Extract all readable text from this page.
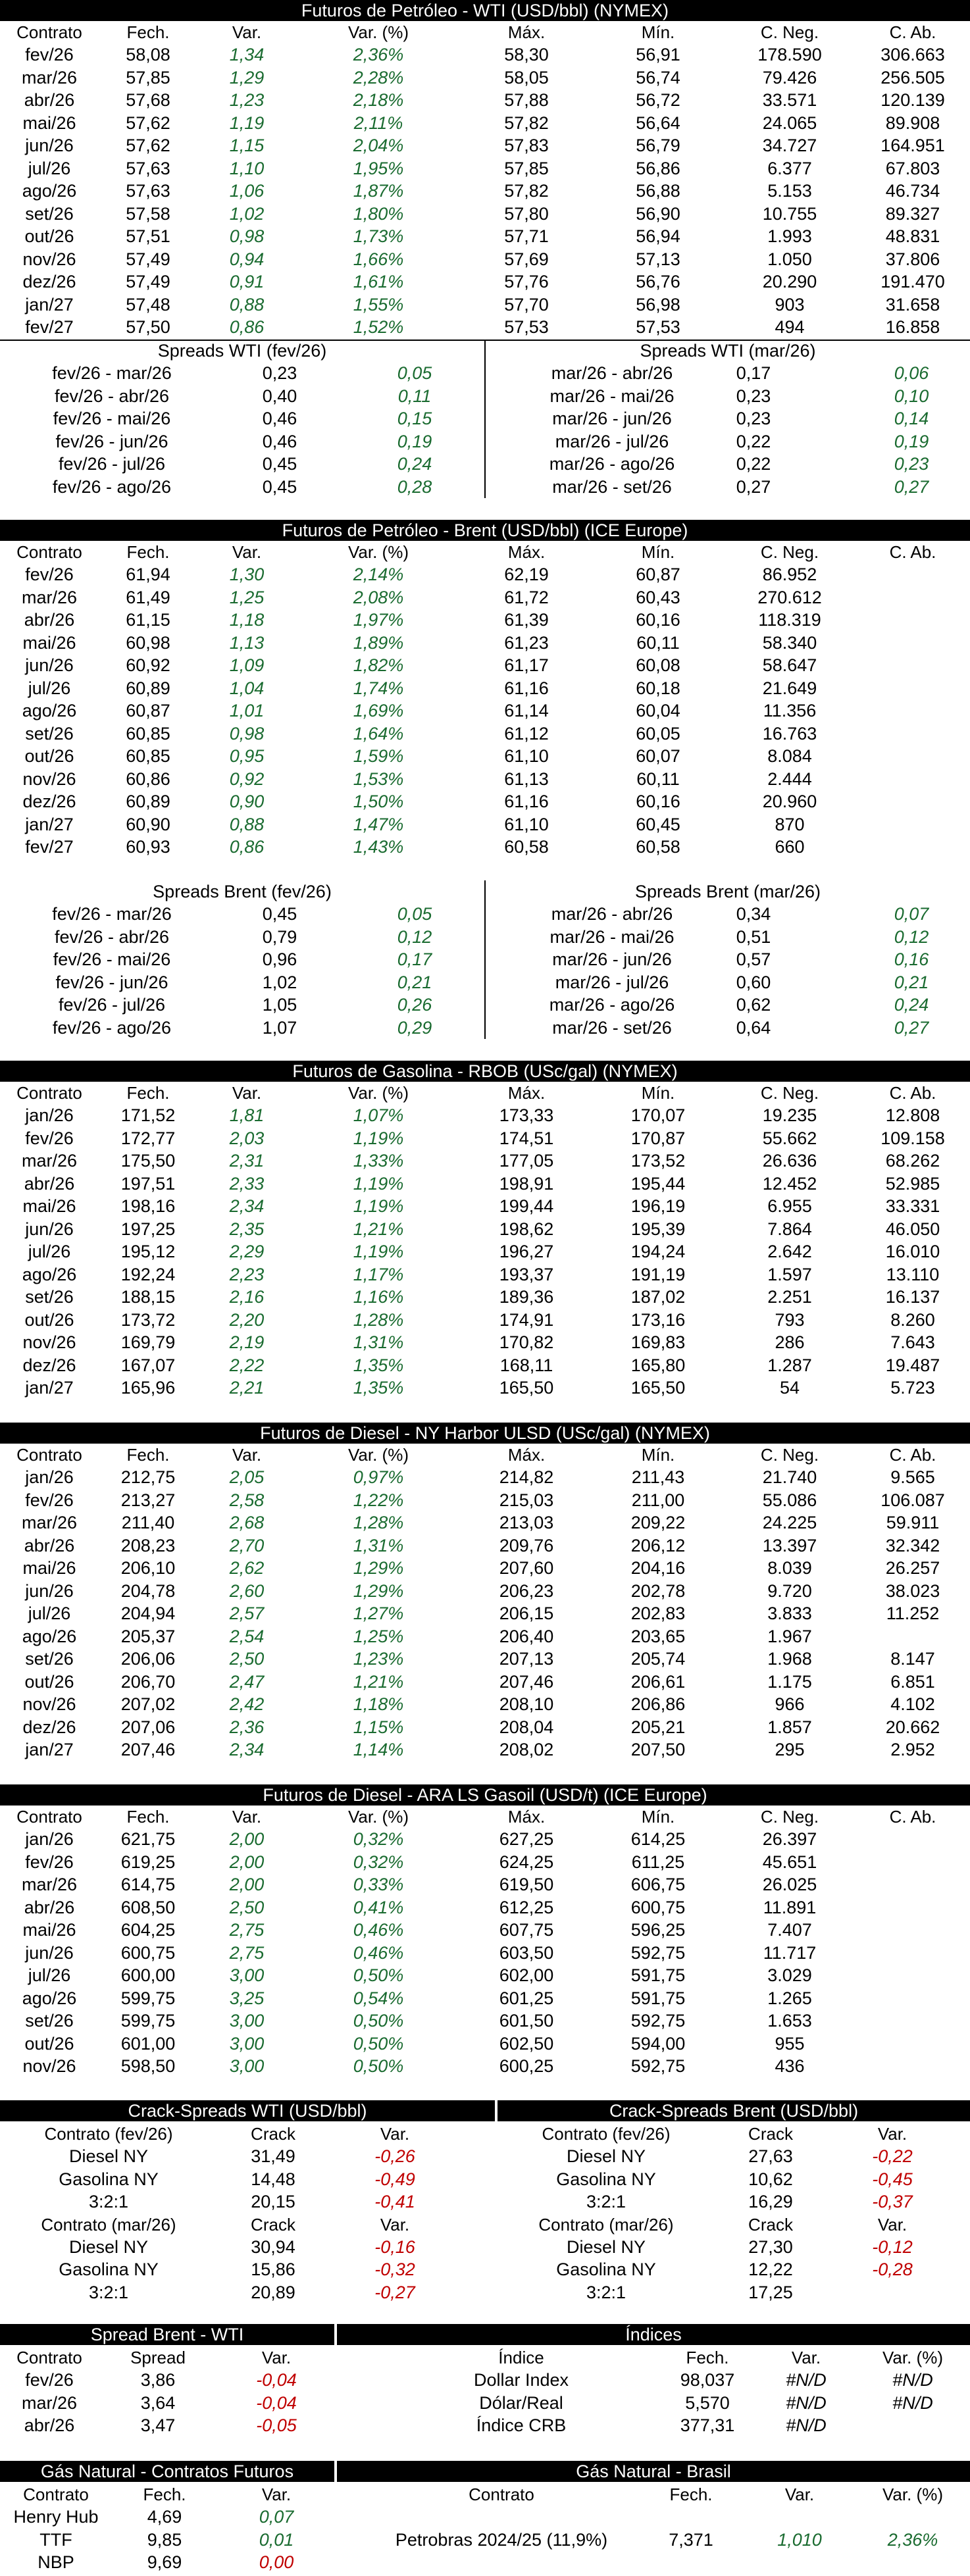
Futuros de Petróleo - WTI (USD/bbl) (NYMEX)
Contrato	Fech.	Var.	Var. (%)	Máx.	Mín.	C. Neg.	C. Ab.
fev/26	58,08	1,34	2,36%	58,30	56,91	178.590	306.663
mar/26	57,85	1,29	2,28%	58,05	56,74	79.426	256.505
abr/26	57,68	1,23	2,18%	57,88	56,72	33.571	120.139
mai/26	57,62	1,19	2,11%	57,82	56,64	24.065	89.908
jun/26	57,62	1,15	2,04%	57,83	56,79	34.727	164.951
jul/26	57,63	1,10	1,95%	57,85	56,86	6.377	67.803
ago/26	57,63	1,06	1,87%	57,82	56,88	5.153	46.734
set/26	57,58	1,02	1,80%	57,80	56,90	10.755	89.327
out/26	57,51	0,98	1,73%	57,71	56,94	1.993	48.831
nov/26	57,49	0,94	1,66%	57,69	57,13	1.050	37.806
dez/26	57,49	0,91	1,61%	57,76	56,76	20.290	191.470
jan/27	57,48	0,88	1,55%	57,70	56,98	903	31.658
fev/27	57,50	0,86	1,52%	57,53	57,53	494	16.858
Spreads WTI (fev/26)	Spreads WTI (mar/26)
fev/26 - mar/26	0,23	0,05	mar/26 - abr/26	0,17	0,06
fev/26 - abr/26	0,40	0,11	mar/26 - mai/26	0,23	0,10
fev/26 - mai/26	0,46	0,15	mar/26 - jun/26	0,23	0,14
fev/26 - jun/26	0,46	0,19	mar/26 - jul/26	0,22	0,19
fev/26 - jul/26	0,45	0,24	mar/26 - ago/26	0,22	0,23
fev/26 - ago/26	0,45	0,28	mar/26 - set/26	0,27	0,27
Futuros de Petróleo - Brent (USD/bbl) (ICE Europe)
Contrato	Fech.	Var.	Var. (%)	Máx.	Mín.	C. Neg.	C. Ab.
fev/26	61,94	1,30	2,14%	62,19	60,87	86.952
mar/26	61,49	1,25	2,08%	61,72	60,43	270.612
abr/26	61,15	1,18	1,97%	61,39	60,16	118.319
mai/26	60,98	1,13	1,89%	61,23	60,11	58.340
jun/26	60,92	1,09	1,82%	61,17	60,08	58.647
jul/26	60,89	1,04	1,74%	61,16	60,18	21.649
ago/26	60,87	1,01	1,69%	61,14	60,04	11.356
set/26	60,85	0,98	1,64%	61,12	60,05	16.763
out/26	60,85	0,95	1,59%	61,10	60,07	8.084
nov/26	60,86	0,92	1,53%	61,13	60,11	2.444
dez/26	60,89	0,90	1,50%	61,16	60,16	20.960
jan/27	60,90	0,88	1,47%	61,10	60,45	870
fev/27	60,93	0,86	1,43%	60,58	60,58	660
Spreads Brent (fev/26)	Spreads Brent (mar/26)
fev/26 - mar/26	0,45	0,05	mar/26 - abr/26	0,34	0,07
fev/26 - abr/26	0,79	0,12	mar/26 - mai/26	0,51	0,12
fev/26 - mai/26	0,96	0,17	mar/26 - jun/26	0,57	0,16
fev/26 - jun/26	1,02	0,21	mar/26 - jul/26	0,60	0,21
fev/26 - jul/26	1,05	0,26	mar/26 - ago/26	0,62	0,24
fev/26 - ago/26	1,07	0,29	mar/26 - set/26	0,64	0,27
Futuros de Gasolina - RBOB (USc/gal) (NYMEX)
Contrato	Fech.	Var.	Var. (%)	Máx.	Mín.	C. Neg.	C. Ab.
jan/26	171,52	1,81	1,07%	173,33	170,07	19.235	12.808
fev/26	172,77	2,03	1,19%	174,51	170,87	55.662	109.158
mar/26	175,50	2,31	1,33%	177,05	173,52	26.636	68.262
abr/26	197,51	2,33	1,19%	198,91	195,44	12.452	52.985
mai/26	198,16	2,34	1,19%	199,44	196,19	6.955	33.331
jun/26	197,25	2,35	1,21%	198,62	195,39	7.864	46.050
jul/26	195,12	2,29	1,19%	196,27	194,24	2.642	16.010
ago/26	192,24	2,23	1,17%	193,37	191,19	1.597	13.110
set/26	188,15	2,16	1,16%	189,36	187,02	2.251	16.137
out/26	173,72	2,20	1,28%	174,91	173,16	793	8.260
nov/26	169,79	2,19	1,31%	170,82	169,83	286	7.643
dez/26	167,07	2,22	1,35%	168,11	165,80	1.287	19.487
jan/27	165,96	2,21	1,35%	165,50	165,50	54	5.723
Futuros de Diesel - NY Harbor ULSD (USc/gal) (NYMEX)
Contrato	Fech.	Var.	Var. (%)	Máx.	Mín.	C. Neg.	C. Ab.
jan/26	212,75	2,05	0,97%	214,82	211,43	21.740	9.565
fev/26	213,27	2,58	1,22%	215,03	211,00	55.086	106.087
mar/26	211,40	2,68	1,28%	213,03	209,22	24.225	59.911
abr/26	208,23	2,70	1,31%	209,76	206,12	13.397	32.342
mai/26	206,10	2,62	1,29%	207,60	204,16	8.039	26.257
jun/26	204,78	2,60	1,29%	206,23	202,78	9.720	38.023
jul/26	204,94	2,57	1,27%	206,15	202,83	3.833	11.252
ago/26	205,37	2,54	1,25%	206,40	203,65	1.967
set/26	206,06	2,50	1,23%	207,13	205,74	1.968	8.147
out/26	206,70	2,47	1,21%	207,46	206,61	1.175	6.851
nov/26	207,02	2,42	1,18%	208,10	206,86	966	4.102
dez/26	207,06	2,36	1,15%	208,04	205,21	1.857	20.662
jan/27	207,46	2,34	1,14%	208,02	207,50	295	2.952
Futuros de Diesel - ARA LS Gasoil (USD/t) (ICE Europe)
Contrato	Fech.	Var.	Var. (%)	Máx.	Mín.	C. Neg.	C. Ab.
jan/26	621,75	2,00	0,32%	627,25	614,25	26.397
fev/26	619,25	2,00	0,32%	624,25	611,25	45.651
mar/26	614,75	2,00	0,33%	619,50	606,75	26.025
abr/26	608,50	2,50	0,41%	612,25	600,75	11.891
mai/26	604,25	2,75	0,46%	607,75	596,25	7.407
jun/26	600,75	2,75	0,46%	603,50	592,75	11.717
jul/26	600,00	3,00	0,50%	602,00	591,75	3.029
ago/26	599,75	3,25	0,54%	601,25	591,75	1.265
set/26	599,75	3,00	0,50%	601,50	592,75	1.653
out/26	601,00	3,00	0,50%	602,50	594,00	955
nov/26	598,50	3,00	0,50%	600,25	592,75	436
Crack-Spreads WTI (USD/bbl)	Crack-Spreads Brent (USD/bbl)
Contrato (fev/26)	Crack	Var.
Diesel NY	31,49	-0,26
Gasolina NY	14,48	-0,49
3:2:1	20,15	-0,41
Contrato (mar/26)	Crack	Var.
Diesel NY	30,94	-0,16
Gasolina NY	15,86	-0,32
3:2:1	20,89	-0,27
Contrato (fev/26)	Crack	Var.
Diesel NY	27,63	-0,22
Gasolina NY	10,62	-0,45
3:2:1	16,29	-0,37
Contrato (mar/26)	Crack	Var.
Diesel NY	27,30	-0,12
Gasolina NY	12,22	-0,28
3:2:1	17,25
Spread Brent - WTI	Índices
Contrato	Spread	Var.	Índice	Fech.	Var.	Var. (%)
fev/26	3,86	-0,04	Dollar Index	98,037	#N/D	#N/D
mar/26	3,64	-0,04	Dólar/Real	5,570	#N/D	#N/D
abr/26	3,47	-0,05	Índice CRB	377,31	#N/D
Gás Natural - Contratos Futuros	Gás Natural - Brasil
Contrato	Fech.	Var.	Contrato	Fech.	Var.	Var. (%)
Henry Hub	4,69	0,07
TTF	9,85	0,01
NBP	9,69	0,00
Petrobras 2024/25 (11,9%)	7,371	1,010	2,36%
